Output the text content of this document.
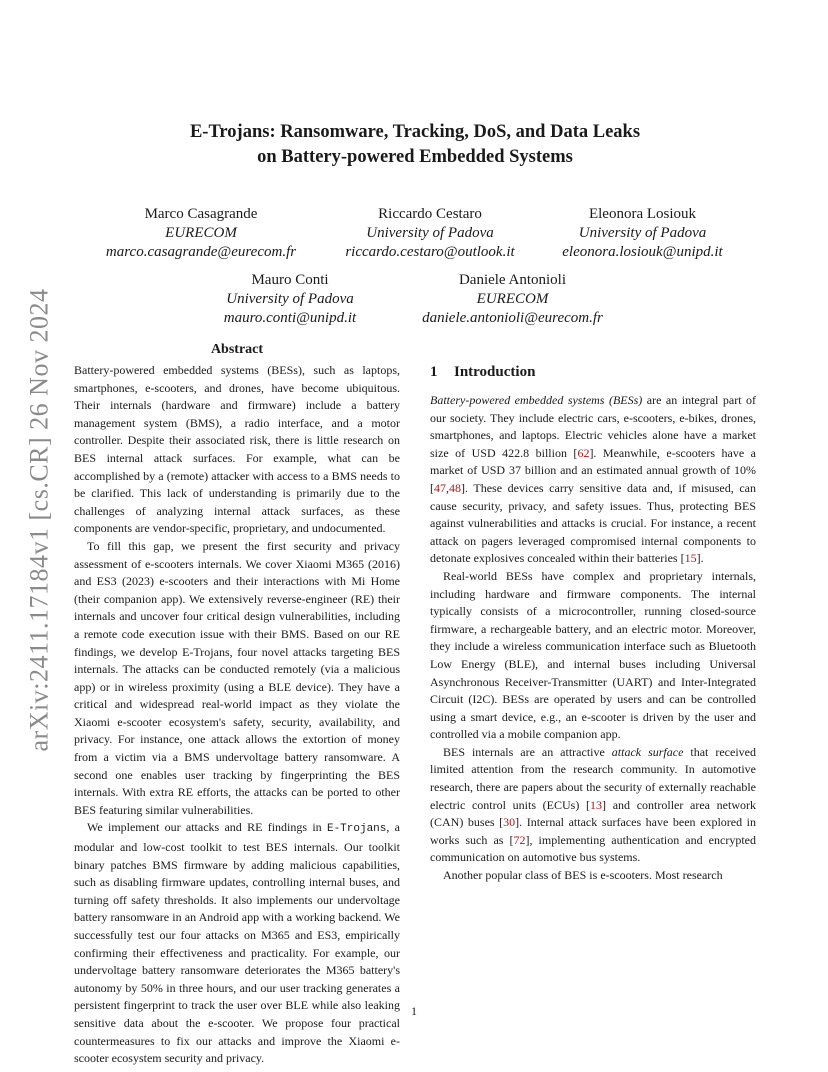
arXiv:2411.17184v1 [cs.CR] 26 Nov 2024
E-Trojans: Ransomware, Tracking, DoS, and Data Leaks
on Battery-powered Embedded Systems
Marco Casagrande
EURECOM
marco.casagrande@eurecom.fr
Riccardo Cestaro
University of Padova
riccardo.cestaro@outlook.it
Eleonora Losiouk
University of Padova
eleonora.losiouk@unipd.it
Mauro Conti
University of Padova
mauro.conti@unipd.it
Daniele Antonioli
EURECOM
daniele.antonioli@eurecom.fr
Abstract

Battery-powered embedded systems (BESs), such as laptops, smartphones, e-scooters, and drones, have become ubiquitous. Their internals (hardware and firmware) include a battery management system (BMS), a radio interface, and a motor controller. Despite their associated risk, there is little research on BES internal attack surfaces. For example, what can be accomplished by a (remote) attacker with access to a BMS needs to be clarified. This lack of understanding is primarily due to the challenges of analyzing internal attack surfaces, as these components are vendor-specific, proprietary, and undocumented.

To fill this gap, we present the first security and privacy assessment of e-scooters internals. We cover Xiaomi M365 (2016) and ES3 (2023) e-scooters and their interactions with Mi Home (their companion app). We extensively reverse-engineer (RE) their internals and uncover four critical design vulnerabilities, including a remote code execution issue with their BMS. Based on our RE findings, we develop E-Trojans, four novel attacks targeting BES internals. The attacks can be conducted remotely (via a malicious app) or in wireless proximity (using a BLE device). They have a critical and widespread real-world impact as they violate the Xiaomi e-scooter ecosystem's safety, security, availability, and privacy. For instance, one attack allows the extortion of money from a victim via a BMS undervoltage battery ransomware. A second one enables user tracking by fingerprinting the BES internals. With extra RE efforts, the attacks can be ported to other BES featuring similar vulnerabilities.

We implement our attacks and RE findings in E-Trojans, a modular and low-cost toolkit to test BES internals. Our toolkit binary patches BMS firmware by adding malicious capabilities, such as disabling firmware updates, controlling internal buses, and turning off safety thresholds. It also implements our undervoltage battery ransomware in an Android app with a working backend. We successfully test our four attacks on M365 and ES3, empirically confirming their effectiveness and practicality. For example, our undervoltage battery ransomware deteriorates the M365 battery's autonomy by 50% in three hours, and our user tracking generates a persistent fingerprint to track the user over BLE while also leaking sensitive data about the e-scooter. We propose four practical countermeasures to fix our attacks and improve the Xiaomi e-scooter ecosystem security and privacy.

1 Introduction

Battery-powered embedded systems (BESs) are an integral part of our society. They include electric cars, e-scooters, e-bikes, drones, smartphones, and laptops. Electric vehicles alone have a market size of USD 422.8 billion [62]. Meanwhile, e-scooters have a market of USD 37 billion and an estimated annual growth of 10% [47,48]. These devices carry sensitive data and, if misused, can cause security, privacy, and safety issues. Thus, protecting BES against vulnerabilities and attacks is crucial. For instance, a recent attack on pagers leveraged compromised internal components to detonate explosives concealed within their batteries [15].

Real-world BESs have complex and proprietary internals, including hardware and firmware components. The internal typically consists of a microcontroller, running closed-source firmware, a rechargeable battery, and an electric motor. Moreover, they include a wireless communication interface such as Bluetooth Low Energy (BLE), and internal buses including Universal Asynchronous Receiver-Transmitter (UART) and Inter-Integrated Circuit (I2C). BESs are operated by users and can be controlled using a smart device, e.g., an e-scooter is driven by the user and controlled via a mobile companion app.

BES internals are an attractive attack surface that received limited attention from the research community. In automotive research, there are papers about the security of externally reachable electric control units (ECUs) [13] and controller area network (CAN) buses [30]. Internal attack surfaces have been explored in works such as [72], implementing authentication and encrypted communication on automotive bus systems.

Another popular class of BES is e-scooters. Most research

1
